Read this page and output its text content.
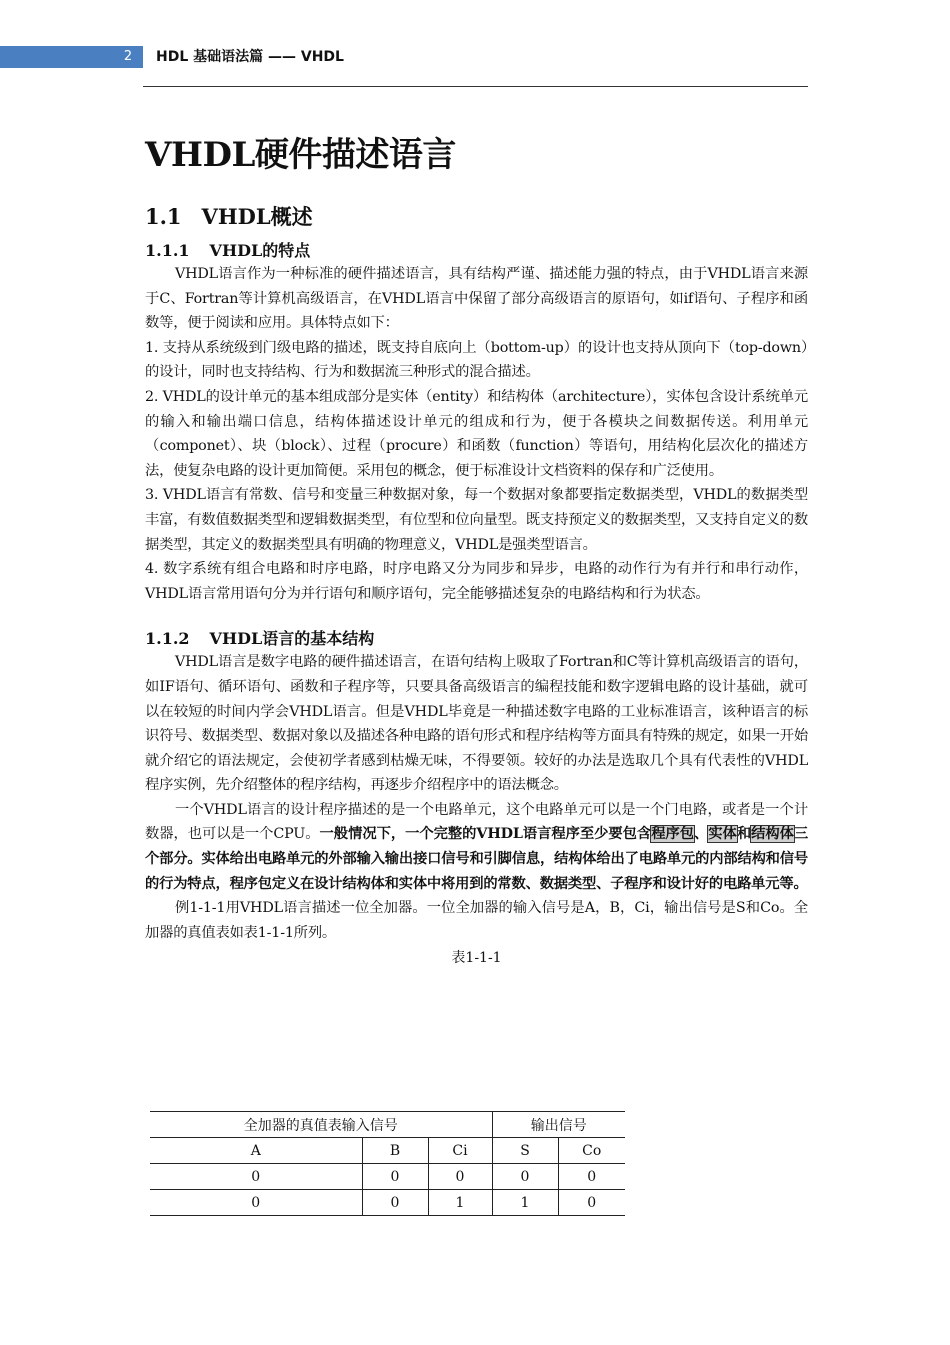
2	HDL 基础语法篇 —— VHDL
VHDL硬件描述语言
1.1 VHDL概述
1.1.1 VHDL的特点

VHDL语言作为一种标准的硬件描述语言，具有结构严谨、描述能力强的特点，由于VHDL语言来源于C、Fortran等计算机高级语言，在VHDL语言中保留了部分高级语言的原语句，如if语句、子程序和函数等，便于阅读和应用。具体特点如下：

1. 支持从系统级到门级电路的描述，既支持自底向上（bottom-up）的设计也支持从顶向下（top-down）的设计，同时也支持结构、行为和数据流三种形式的混合描述。

2. VHDL的设计单元的基本组成部分是实体（entity）和结构体（architecture），实体包含设计系统单元的输入和输出端口信息，结构体描述设计单元的组成和行为，便于各模块之间数据传送。利用单元（componet）、块（block）、过程（procure）和函数（function）等语句，用结构化层次化的描述方法，使复杂电路的设计更加简便。采用包的概念，便于标准设计文档资料的保存和广泛使用。

3. VHDL语言有常数、信号和变量三种数据对象，每一个数据对象都要指定数据类型，VHDL的数据类型丰富，有数值数据类型和逻辑数据类型，有位型和位向量型。既支持预定义的数据类型，又支持自定义的数据类型，其定义的数据类型具有明确的物理意义，VHDL是强类型语言。

4. 数字系统有组合电路和时序电路，时序电路又分为同步和异步，电路的动作行为有并行和串行动作，VHDL语言常用语句分为并行语句和顺序语句，完全能够描述复杂的电路结构和行为状态。

1.1.2 VHDL语言的基本结构

VHDL语言是数字电路的硬件描述语言，在语句结构上吸取了Fortran和C等计算机高级语言的语句，如IF语句、循环语句、函数和子程序等，只要具备高级语言的编程技能和数字逻辑电路的设计基础，就可以在较短的时间内学会VHDL语言。但是VHDL毕竟是一种描述数字电路的工业标准语言，该种语言的标识符号、数据类型、数据对象以及描述各种电路的语句形式和程序结构等方面具有特殊的规定，如果一开始就介绍它的语法规定，会使初学者感到枯燥无味，不得要领。较好的办法是选取几个具有代表性的VHDL程序实例，先介绍整体的程序结构，再逐步介绍程序中的语法概念。

一个VHDL语言的设计程序描述的是一个电路单元，这个电路单元可以是一个门电路，或者是一个计数器，也可以是一个CPU。一般情况下，一个完整的VHDL语言程序至少要包含程序包、实体和结构体三个部分。实体给出电路单元的外部输入输出接口信号和引脚信息，结构体给出了电路单元的内部结构和信号的行为特点，程序包定义在设计结构体和实体中将用到的常数、数据类型、子程序和设计好的电路单元等。

例1-1-1用VHDL语言描述一位全加器。一位全加器的输入信号是A，B，Ci，输出信号是S和Co。全加器的真值表如表1-1-1所列。

表1-1-1
全加器的真值表输入信号			输出信号	
A	B	Ci	S	Co
0	0	0	0	0
0	0	1	1	0
